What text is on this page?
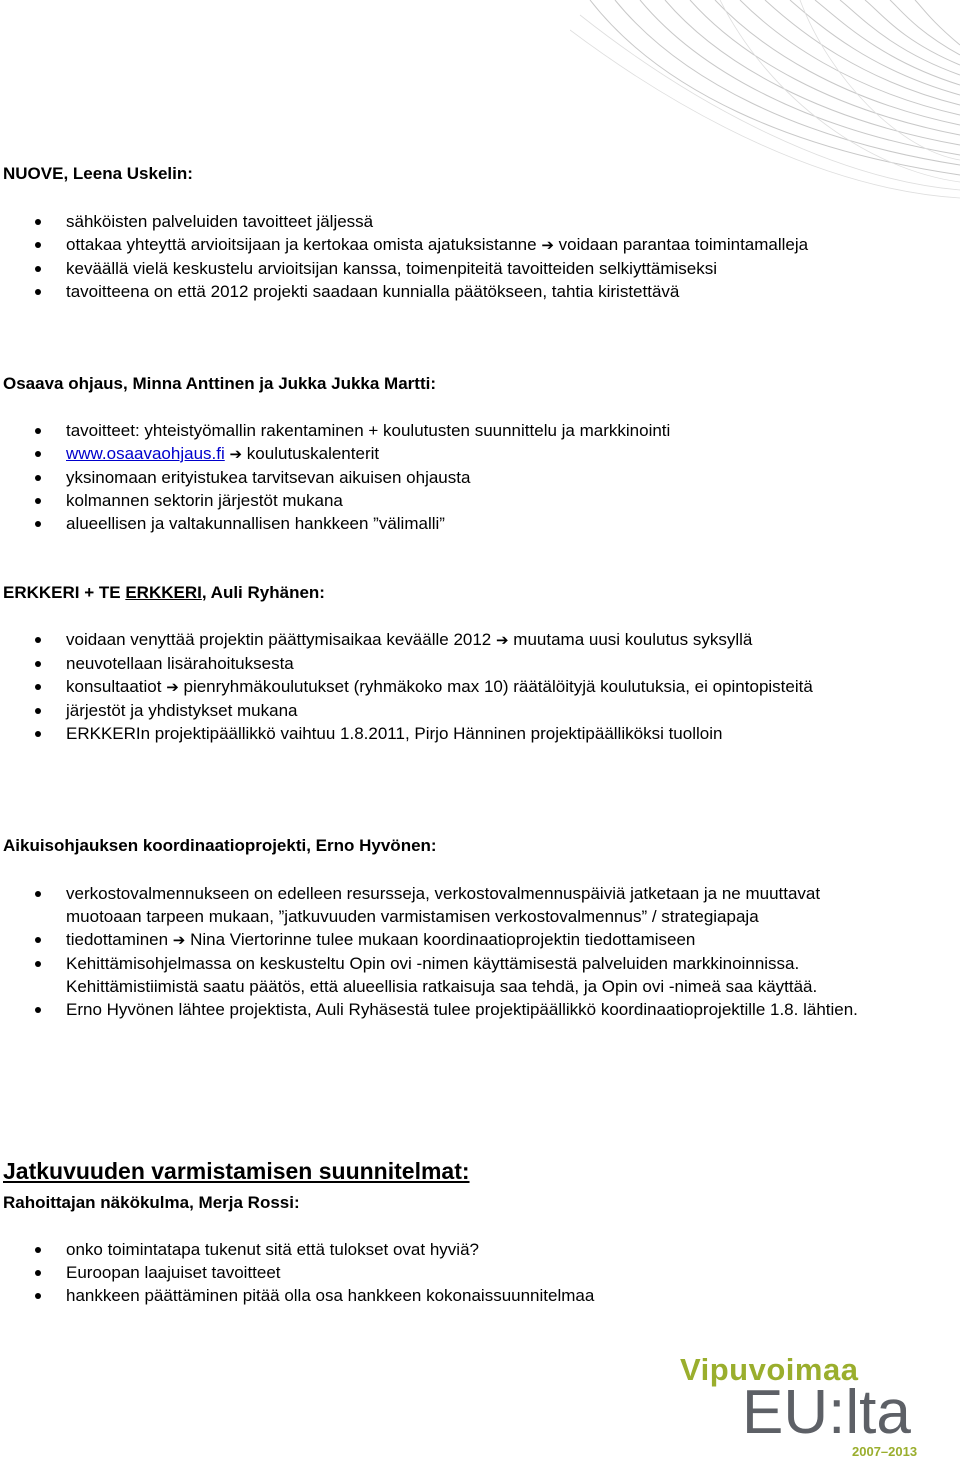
NUOVE, Leena Uskelin:
sähköisten palveluiden tavoitteet jäljessä
ottakaa yhteyttä arvioitsijaan ja kertokaa omista ajatuksistanne ➔ voidaan parantaa toimintamalleja
keväällä vielä keskustelu arvioitsijan kanssa, toimenpiteitä tavoitteiden selkiyttämiseksi
tavoitteena on että 2012 projekti saadaan kunnialla päätökseen, tahtia kiristettävä
Osaava ohjaus, Minna Anttinen ja Jukka Jukka Martti:
tavoitteet: yhteistyömallin rakentaminen + koulutusten suunnittelu ja markkinointi
www.osaavaohjaus.fi ➔ koulutuskalenterit
yksinomaan erityistukea tarvitsevan aikuisen ohjausta
kolmannen sektorin järjestöt mukana
alueellisen ja valtakunnallisen hankkeen ”välimalli”
ERKKERI + TE ERKKERI, Auli Ryhänen:
voidaan venyttää projektin päättymisaikaa keväälle 2012 ➔ muutama uusi koulutus syksyllä
neuvotellaan lisärahoituksesta
konsultaatiot ➔ pienryhmäkoulutukset (ryhmäkoko max 10) räätälöityjä koulutuksia, ei opintopisteitä
järjestöt ja yhdistykset mukana
ERKKERIn projektipäällikkö vaihtuu 1.8.2011, Pirjo Hänninen projektipäälliköksi tuolloin
Aikuisohjauksen koordinaatioprojekti, Erno Hyvönen:
verkostovalmennukseen on edelleen resursseja, verkostovalmennuspäiviä jatketaan ja ne muuttavat muotoaan tarpeen mukaan, ”jatkuvuuden varmistamisen verkostovalmennus” / strategiapaja
tiedottaminen ➔ Nina Viertorinne tulee mukaan koordinaatioprojektin tiedottamiseen
Kehittämisohjelmassa on keskusteltu Opin ovi -nimen käyttämisestä palveluiden markkinoinnissa. Kehittämistiimistä saatu päätös, että alueellisia ratkaisuja saa tehdä, ja Opin ovi -nimeä saa käyttää.
Erno Hyvönen lähtee projektista, Auli Ryhäsestä tulee projektipäällikkö koordinaatioprojektille 1.8. lähtien.
Jatkuvuuden varmistamisen suunnitelmat:
Rahoittajan näkökulma, Merja Rossi:
onko toimintatapa tukenut sitä että tulokset ovat hyviä?
Euroopan laajuiset tavoitteet
hankkeen päättäminen pitää olla osa hankkeen kokonaissuunnitelmaa
Vipuvoimaa
EU:lta
2007–2013
